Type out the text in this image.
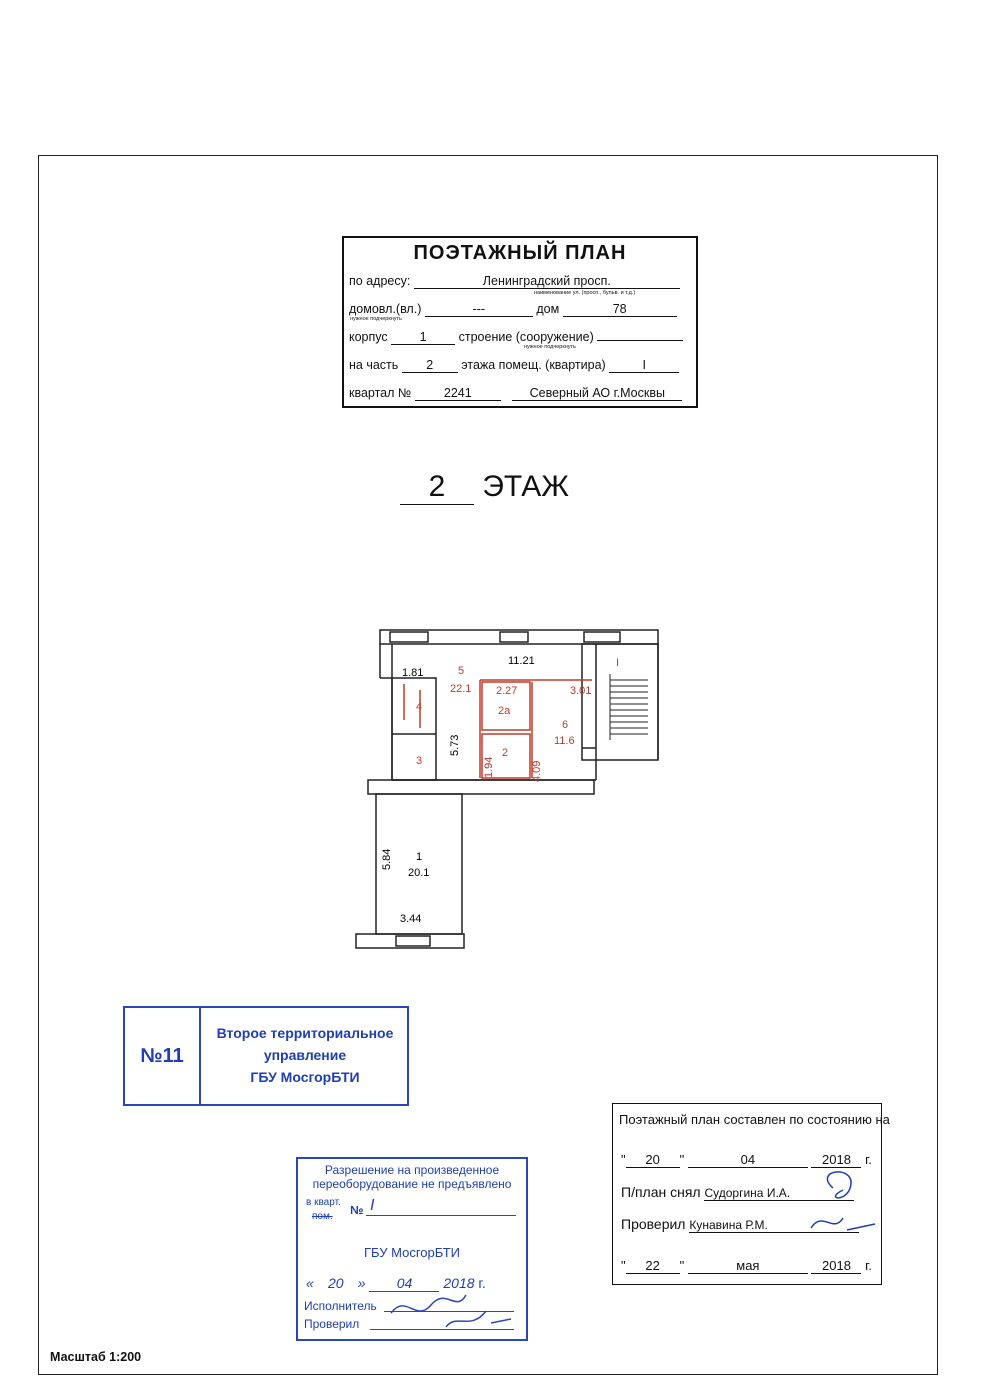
ПОЭТАЖНЫЙ ПЛАН
по адресу:	Ленинградский просп.
наименование ул. (просп., бульв. и т.д.)
домовл.(вл.)	---	дом	78
нужное подчеркнуть
корпус	1	строение (сооружение)
нужное подчеркнуть
на часть 2 этажа помещ. (квартира)	I
квартал №	2241	Северный АО г.Москвы
2 ЭТАЖ
1.81
11.21
2.27	3.01
5.73
1.94	4.09
5.84
3.44
5
22.1
4
3
2a
2
6
11.6
1
20.1
I
№11
Второе территориальное
управление
ГБУ МосгорБТИ
Разрешение на произведенное
переоборудование не предъявлено
в кварт.
пом. № I
ГБУ МосгорБТИ
« 20 » 04 2018 г.
Исполнитель
Проверил
Поэтажный план составлен по состоянию на
" 20 "	04	2018 г.
П/план снял Судоргина И.А.
Проверил Кунавина Р.М.
" 22 "	мая	2018 г.
Масштаб 1:200
